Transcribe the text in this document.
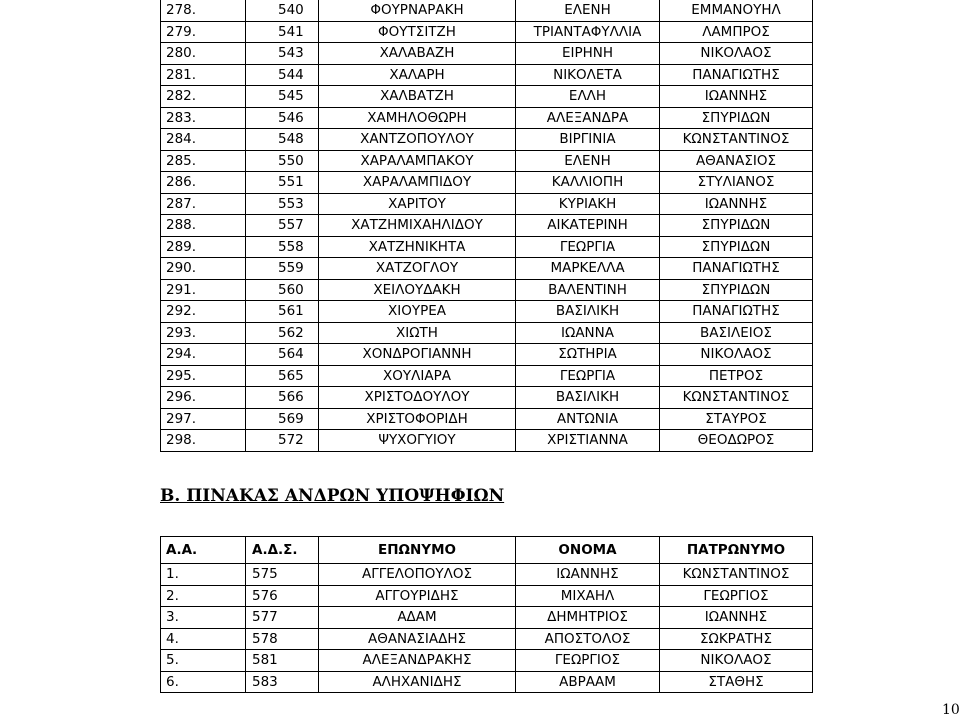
278.	540	ΦΟΥΡΝΑΡΑΚΗ	ΕΛΕΝΗ	ΕΜΜΑΝΟΥΗΛ
279.	541	ΦΟΥΤΣΙΤΖΗ	ΤΡΙΑΝΤΑΦΥΛΛΙΑ	ΛΑΜΠΡΟΣ
280.	543	ΧΑΛΑΒΑΖΗ	ΕΙΡΗΝΗ	ΝΙΚΟΛΑΟΣ
281.	544	ΧΑΛΑΡΗ	ΝΙΚΟΛΕΤΑ	ΠΑΝΑΓΙΩΤΗΣ
282.	545	ΧΑΛΒΑΤΖΗ	ΕΛΛΗ	ΙΩΑΝΝΗΣ
283.	546	ΧΑΜΗΛΟΘΩΡΗ	ΑΛΕΞΑΝΔΡΑ	ΣΠΥΡΙΔΩΝ
284.	548	ΧΑΝΤΖΟΠΟΥΛΟΥ	ΒΙΡΓΙΝΙΑ	ΚΩΝΣΤΑΝΤΙΝΟΣ
285.	550	ΧΑΡΑΛΑΜΠΑΚΟΥ	ΕΛΕΝΗ	ΑΘΑΝΑΣΙΟΣ
286.	551	ΧΑΡΑΛΑΜΠΙΔΟΥ	ΚΑΛΛΙΟΠΗ	ΣΤΥΛΙΑΝΟΣ
287.	553	ΧΑΡΙΤΟΥ	ΚΥΡΙΑΚΗ	ΙΩΑΝΝΗΣ
288.	557	ΧΑΤΖΗΜΙΧΑΗΛΙΔΟΥ	ΑΙΚΑΤΕΡΙΝΗ	ΣΠΥΡΙΔΩΝ
289.	558	ΧΑΤΖΗΝΙΚΗΤΑ	ΓΕΩΡΓΙΑ	ΣΠΥΡΙΔΩΝ
290.	559	ΧΑΤΖΟΓΛΟΥ	ΜΑΡΚΕΛΛΑ	ΠΑΝΑΓΙΩΤΗΣ
291.	560	ΧΕΙΛΟΥΔΑΚΗ	ΒΑΛΕΝΤΙΝΗ	ΣΠΥΡΙΔΩΝ
292.	561	ΧΙΟΥΡΕΑ	ΒΑΣΙΛΙΚΗ	ΠΑΝΑΓΙΩΤΗΣ
293.	562	ΧΙΩΤΗ	ΙΩΑΝΝΑ	ΒΑΣΙΛΕΙΟΣ
294.	564	ΧΟΝΔΡΟΓΙΑΝΝΗ	ΣΩΤΗΡΙΑ	ΝΙΚΟΛΑΟΣ
295.	565	ΧΟΥΛΙΑΡΑ	ΓΕΩΡΓΙΑ	ΠΕΤΡΟΣ
296.	566	ΧΡΙΣΤΟΔΟΥΛΟΥ	ΒΑΣΙΛΙΚΗ	ΚΩΝΣΤΑΝΤΙΝΟΣ
297.	569	ΧΡΙΣΤΟΦΟΡΙΔΗ	ΑΝΤΩΝΙΑ	ΣΤΑΥΡΟΣ
298.	572	ΨΥΧΟΓΥΙΟΥ	ΧΡΙΣΤΙΑΝΝΑ	ΘΕΟΔΩΡΟΣ
Β. ΠΙΝΑΚΑΣ ΑΝΔΡΩΝ ΥΠΟΨΗΦΙΩΝ
Α.Α.	Α.Δ.Σ.	ΕΠΩΝΥΜΟ	ΟΝΟΜΑ	ΠΑΤΡΩΝΥΜΟ
1.	575	ΑΓΓΕΛΟΠΟΥΛΟΣ	ΙΩΑΝΝΗΣ	ΚΩΝΣΤΑΝΤΙΝΟΣ
2.	576	ΑΓΓΟΥΡΙΔΗΣ	ΜΙΧΑΗΛ	ΓΕΩΡΓΙΟΣ
3.	577	ΑΔΑΜ	ΔΗΜΗΤΡΙΟΣ	ΙΩΑΝΝΗΣ
4.	578	ΑΘΑΝΑΣΙΑΔΗΣ	ΑΠΟΣΤΟΛΟΣ	ΣΩΚΡΑΤΗΣ
5.	581	ΑΛΕΞΑΝΔΡΑΚΗΣ	ΓΕΩΡΓΙΟΣ	ΝΙΚΟΛΑΟΣ
6.	583	ΑΛΗΧΑΝΙΔΗΣ	ΑΒΡΑΑΜ	ΣΤΑΘΗΣ
10
